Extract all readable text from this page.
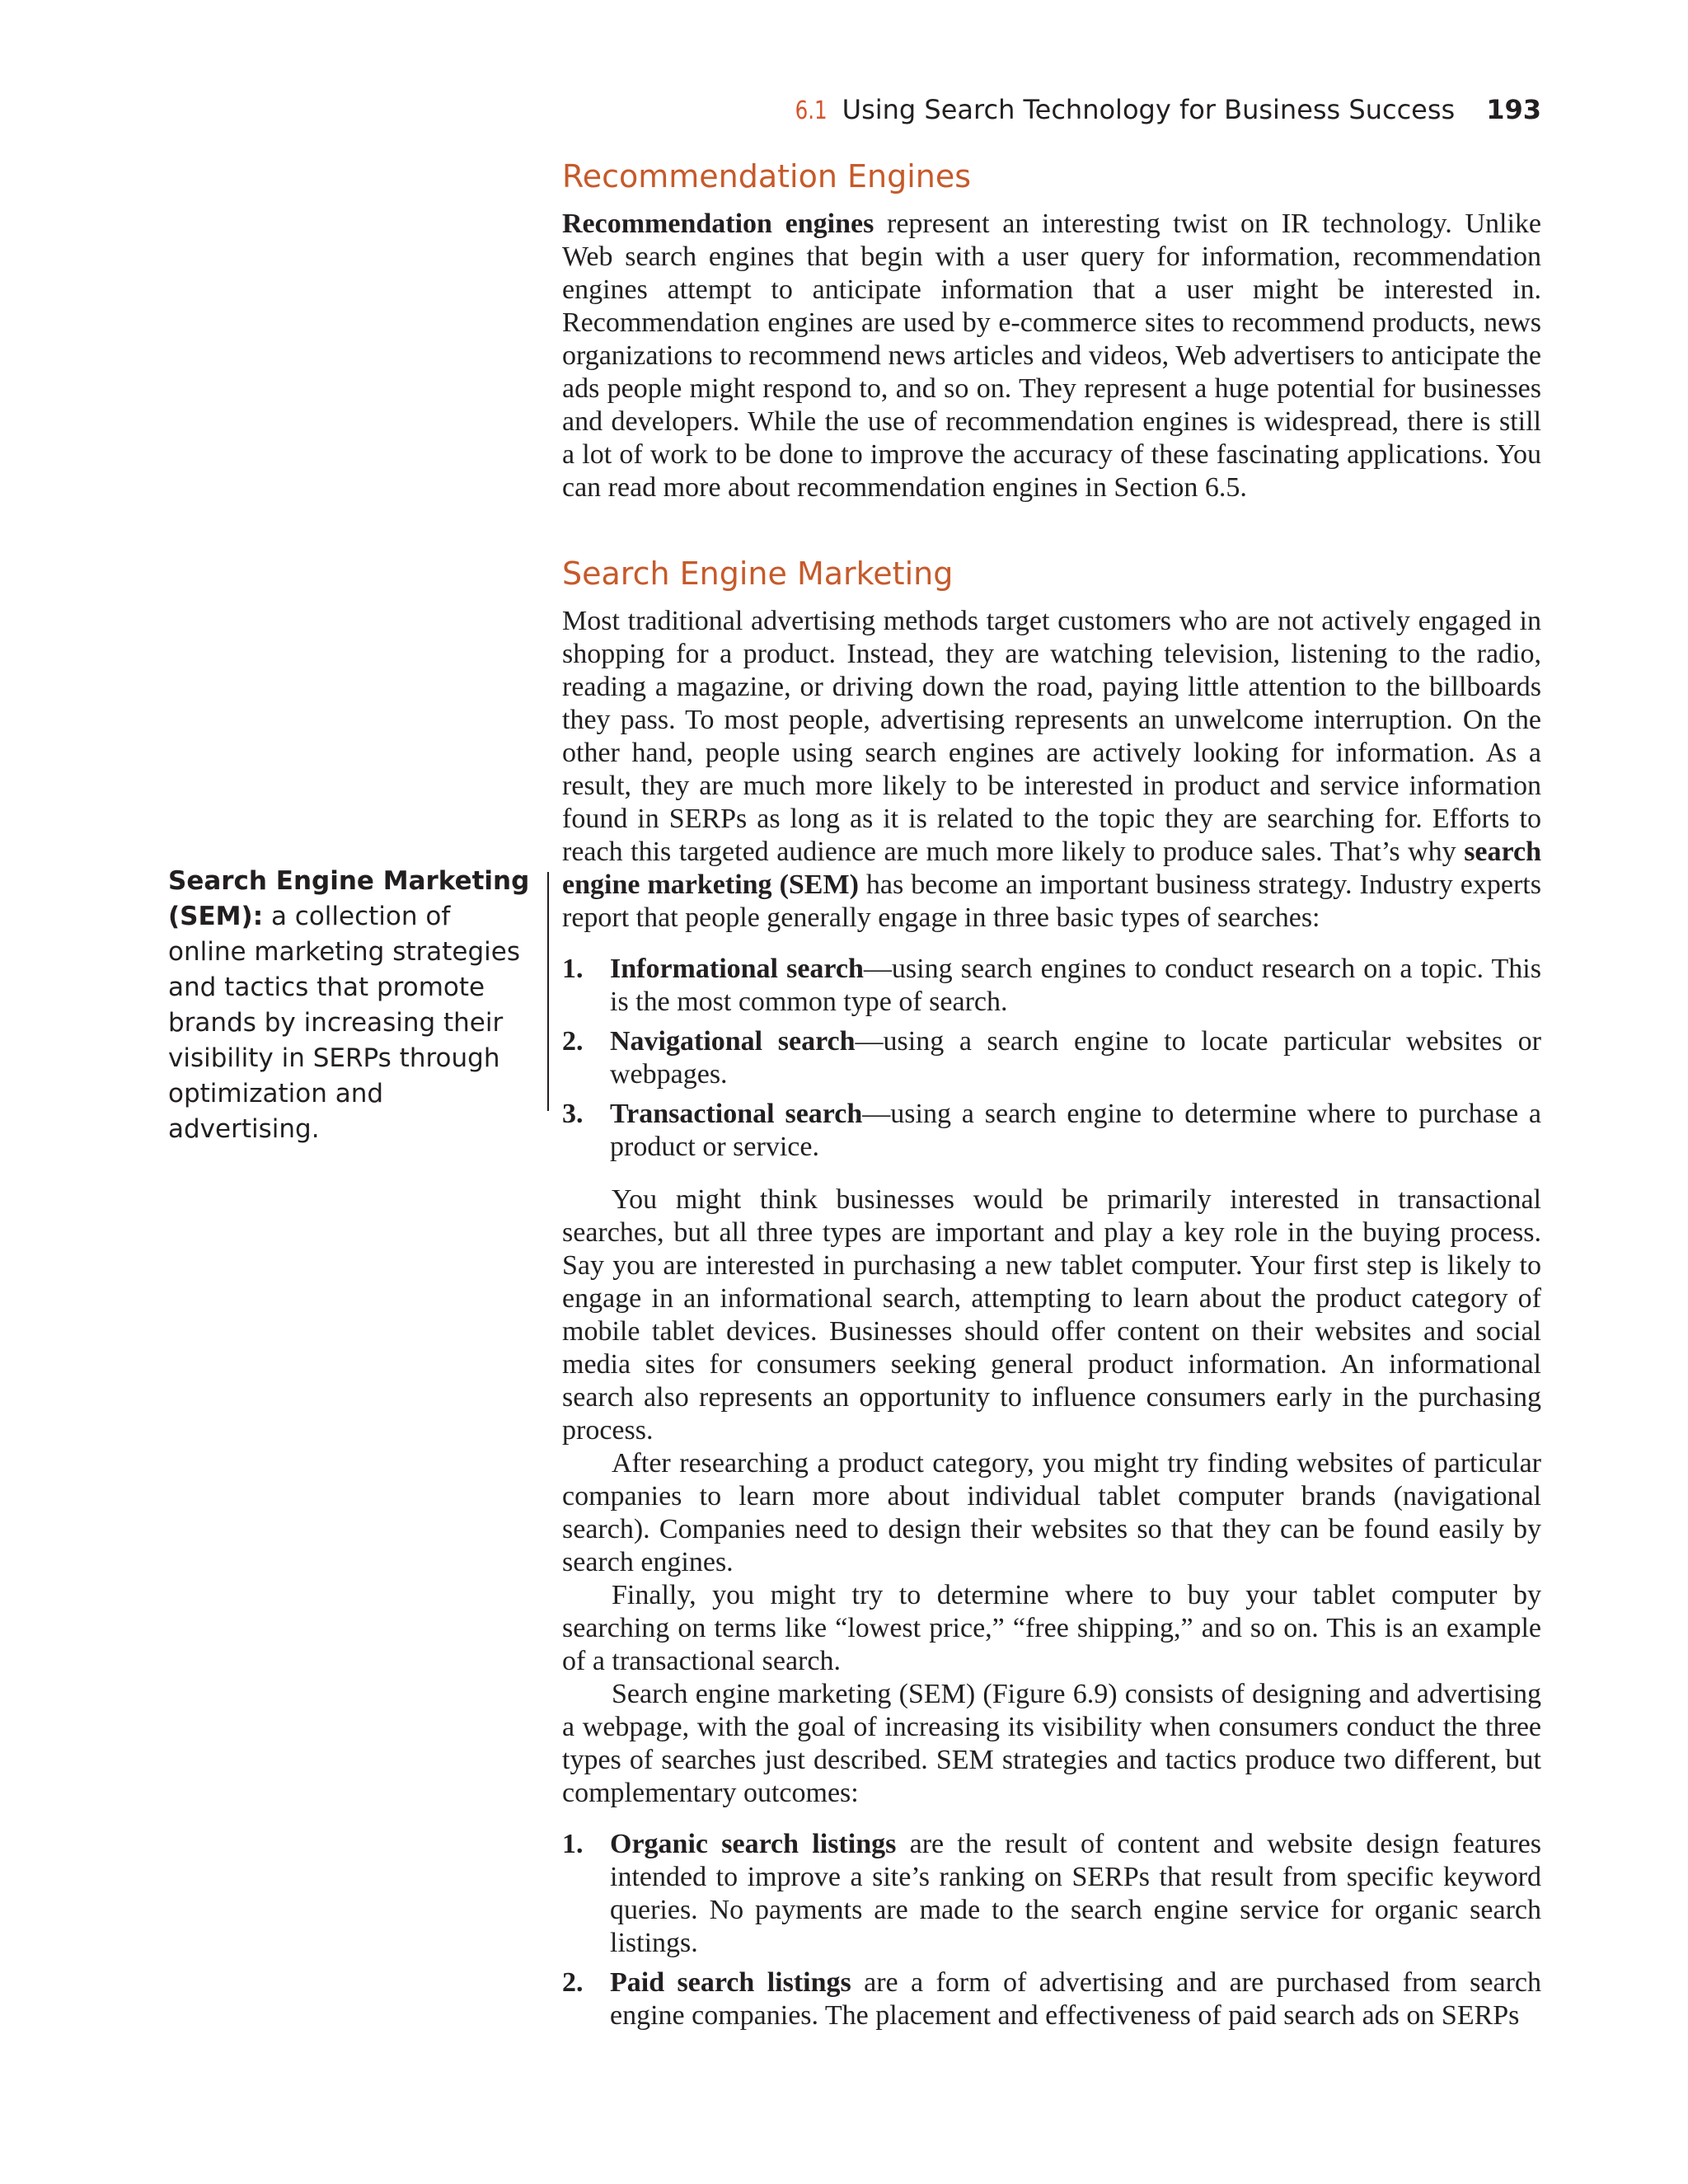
6.1 Using Search Technology for Business Success 193
Recommendation Engines

Recommendation engines represent an interesting twist on IR technology. Unlike Web search engines that begin with a user query for information, recommendation engines attempt to anticipate information that a user might be interested in. Recommendation engines are used by e-commerce sites to recommend products, news organizations to recommend news articles and videos, Web advertisers to anticipate the ads people might respond to, and so on. They represent a huge potential for businesses and developers. While the use of recommendation engines is widespread, there is still a lot of work to be done to improve the accuracy of these fascinating applications. You can read more about recommendation engines in Section 6.5.

Search Engine Marketing

Most traditional advertising methods target customers who are not actively engaged in shopping for a product. Instead, they are watching television, listening to the radio, reading a magazine, or driving down the road, paying little attention to the billboards they pass. To most people, advertising represents an unwelcome interruption. On the other hand, people using search engines are actively looking for information. As a result, they are much more likely to be interested in product and service information found in SERPs as long as it is related to the topic they are searching for. Efforts to reach this targeted audience are much more likely to produce sales. That’s why search engine marketing (SEM) has become an important business strategy. Industry experts report that people generally engage in three basic types of searches:

1. Informational search—using search engines to conduct research on a topic. This is the most common type of search.
2. Navigational search—using a search engine to locate particular websites or webpages.
3. Transactional search—using a search engine to determine where to purchase a product or service.

You might think businesses would be primarily interested in transactional searches, but all three types are important and play a key role in the buying process. Say you are interested in purchasing a new tablet computer. Your first step is likely to engage in an informational search, attempting to learn about the product category of mobile tablet devices. Businesses should offer content on their websites and social media sites for consumers seeking general product information. An informational search also represents an opportunity to influence consumers early in the purchasing process.

After researching a product category, you might try finding websites of particular companies to learn more about individual tablet computer brands (navigational search). Companies need to design their websites so that they can be found easily by search engines.

Finally, you might try to determine where to buy your tablet computer by searching on terms like “lowest price,” “free shipping,” and so on. This is an example of a transactional search.

Search engine marketing (SEM) (Figure 6.9) consists of designing and advertising a webpage, with the goal of increasing its visibility when consumers conduct the three types of searches just described. SEM strategies and tactics produce two different, but complementary outcomes:

1. Organic search listings are the result of content and website design features intended to improve a site’s ranking on SERPs that result from specific keyword queries. No payments are made to the search engine service for organic search listings.
2. Paid search listings are a form of advertising and are purchased from search engine companies. The placement and effectiveness of paid search ads on SERPs
Search Engine Marketing (SEM): a collection of online marketing strategies and tactics that promote brands by increasing their visibility in SERPs through optimization and advertising.
